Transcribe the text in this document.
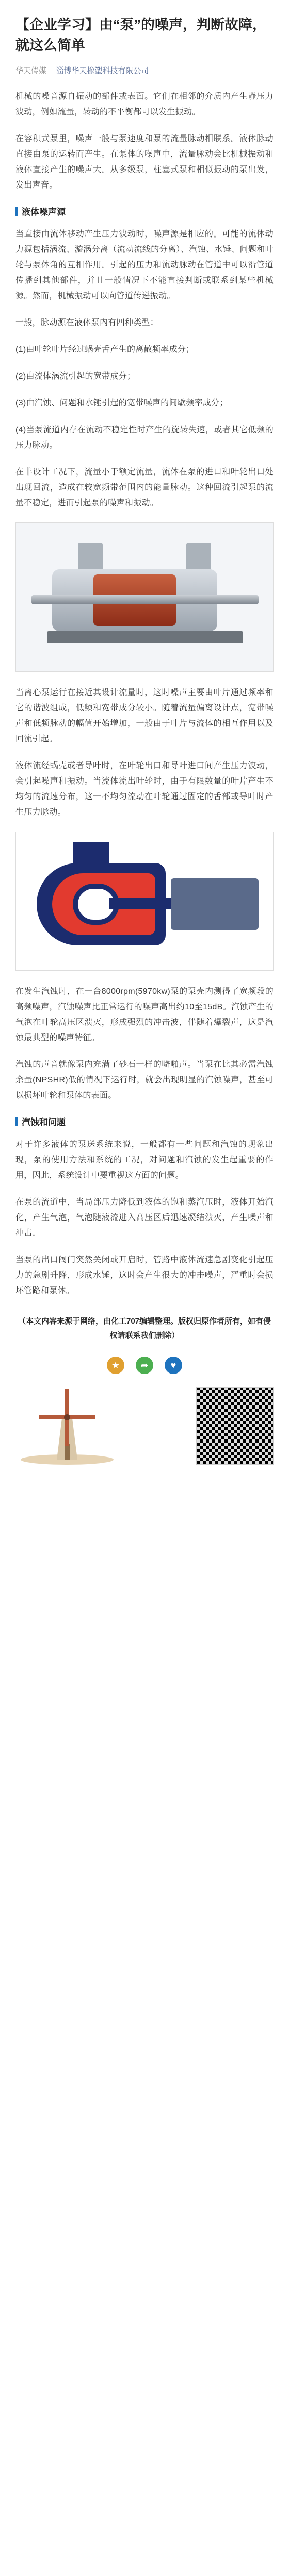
【企业学习】由“泵”的噪声，判断故障，就这么简单
华天传媒 淄博华天橡塑科技有限公司

机械的噪音源自振动的部件或表面。它们在相邻的介质内产生静压力波动，例如流量，转动的不平衡都可以发生振动。

在容积式泵里，噪声一般与泵速度和泵的流量脉动相联系。液体脉动直接由泵的运转而产生。在泵体的噪声中，流量脉动会比机械振动和液体直接产生的噪声大。从多级泵，柱塞式泵和相似振动的泵出发，发出声音。

液体噪声源

当直接由流体移动产生压力波动时，噪声源是相应的。可能的流体动力源包括涡流、漩涡分离（流动流线的分离）、汽蚀、水锤、问题和叶轮与泵体角的互相作用。引起的压力和流动脉动在管道中可以沿管道传播到其他部件，并且一般情况下不能直接判断或联系到某些机械源。然而，机械振动可以向管道传递振动。

一般，脉动源在液体泵内有四种类型：

(1)由叶轮叶片经过蜗壳舌产生的离散频率成分；

(2)由流体涡流引起的宽带成分；

(3)由汽蚀、问题和水锤引起的宽带噪声的间歇频率成分；

(4)当泵流道内存在流动不稳定性时产生的旋转失速，或者其它低频的压力脉动。

在非设计工况下，流量小于额定流量，流体在泵的进口和叶轮出口处出现回流，造成在较宽频带范围内的能量脉动。这种回流引起泵的流量不稳定，进而引起泵的噪声和振动。

当离心泵运行在接近其设计流量时，这时噪声主要由叶片通过频率和它的谐波组成，低频和宽带成分较小。随着流量偏离设计点，宽带噪声和低频脉动的幅值开始增加，一般由于叶片与流体的相互作用以及回流引起。

液体流经蜗壳或者导叶时，在叶轮出口和导叶进口间产生压力波动，会引起噪声和振动。当流体流出叶轮时，由于有限数量的叶片产生不均匀的流速分布，这一不均匀流动在叶轮通过固定的舌部或导叶时产生压力脉动。

在发生汽蚀时，在一台8000rpm(5970kw)泵的泵壳内测得了宽频段的高频噪声，汽蚀噪声比正常运行的噪声高出约10至15dB。汽蚀产生的气泡在叶轮高压区溃灭，形成强烈的冲击波，伴随着爆裂声，这是汽蚀最典型的噪声特征。

汽蚀的声音就像泵内充满了砂石一样的噼啪声。当泵在比其必需汽蚀余量(NPSHR)低的情况下运行时，就会出现明显的汽蚀噪声，甚至可以损坏叶轮和泵体的表面。

汽蚀和问题

对于许多液体的泵送系统来说，一般都有一些问题和汽蚀的现象出现，泵的使用方法和系统的工况，对问题和汽蚀的发生起重要的作用，因此，系统设计中要重视这方面的问题。

在泵的流道中，当局部压力降低到液体的饱和蒸汽压时，液体开始汽化，产生气泡，气泡随液流进入高压区后迅速凝结溃灭，产生噪声和冲击。

当泵的出口阀门突然关闭或开启时，管路中液体流速急剧变化引起压力的急剧升降，形成水锤，这时会产生很大的冲击噪声，严重时会损坏管路和泵体。

（本文内容来源于网络，由化工707编辑整理。版权归原作者所有，如有侵权请联系我们删除）

★	➦	♥
